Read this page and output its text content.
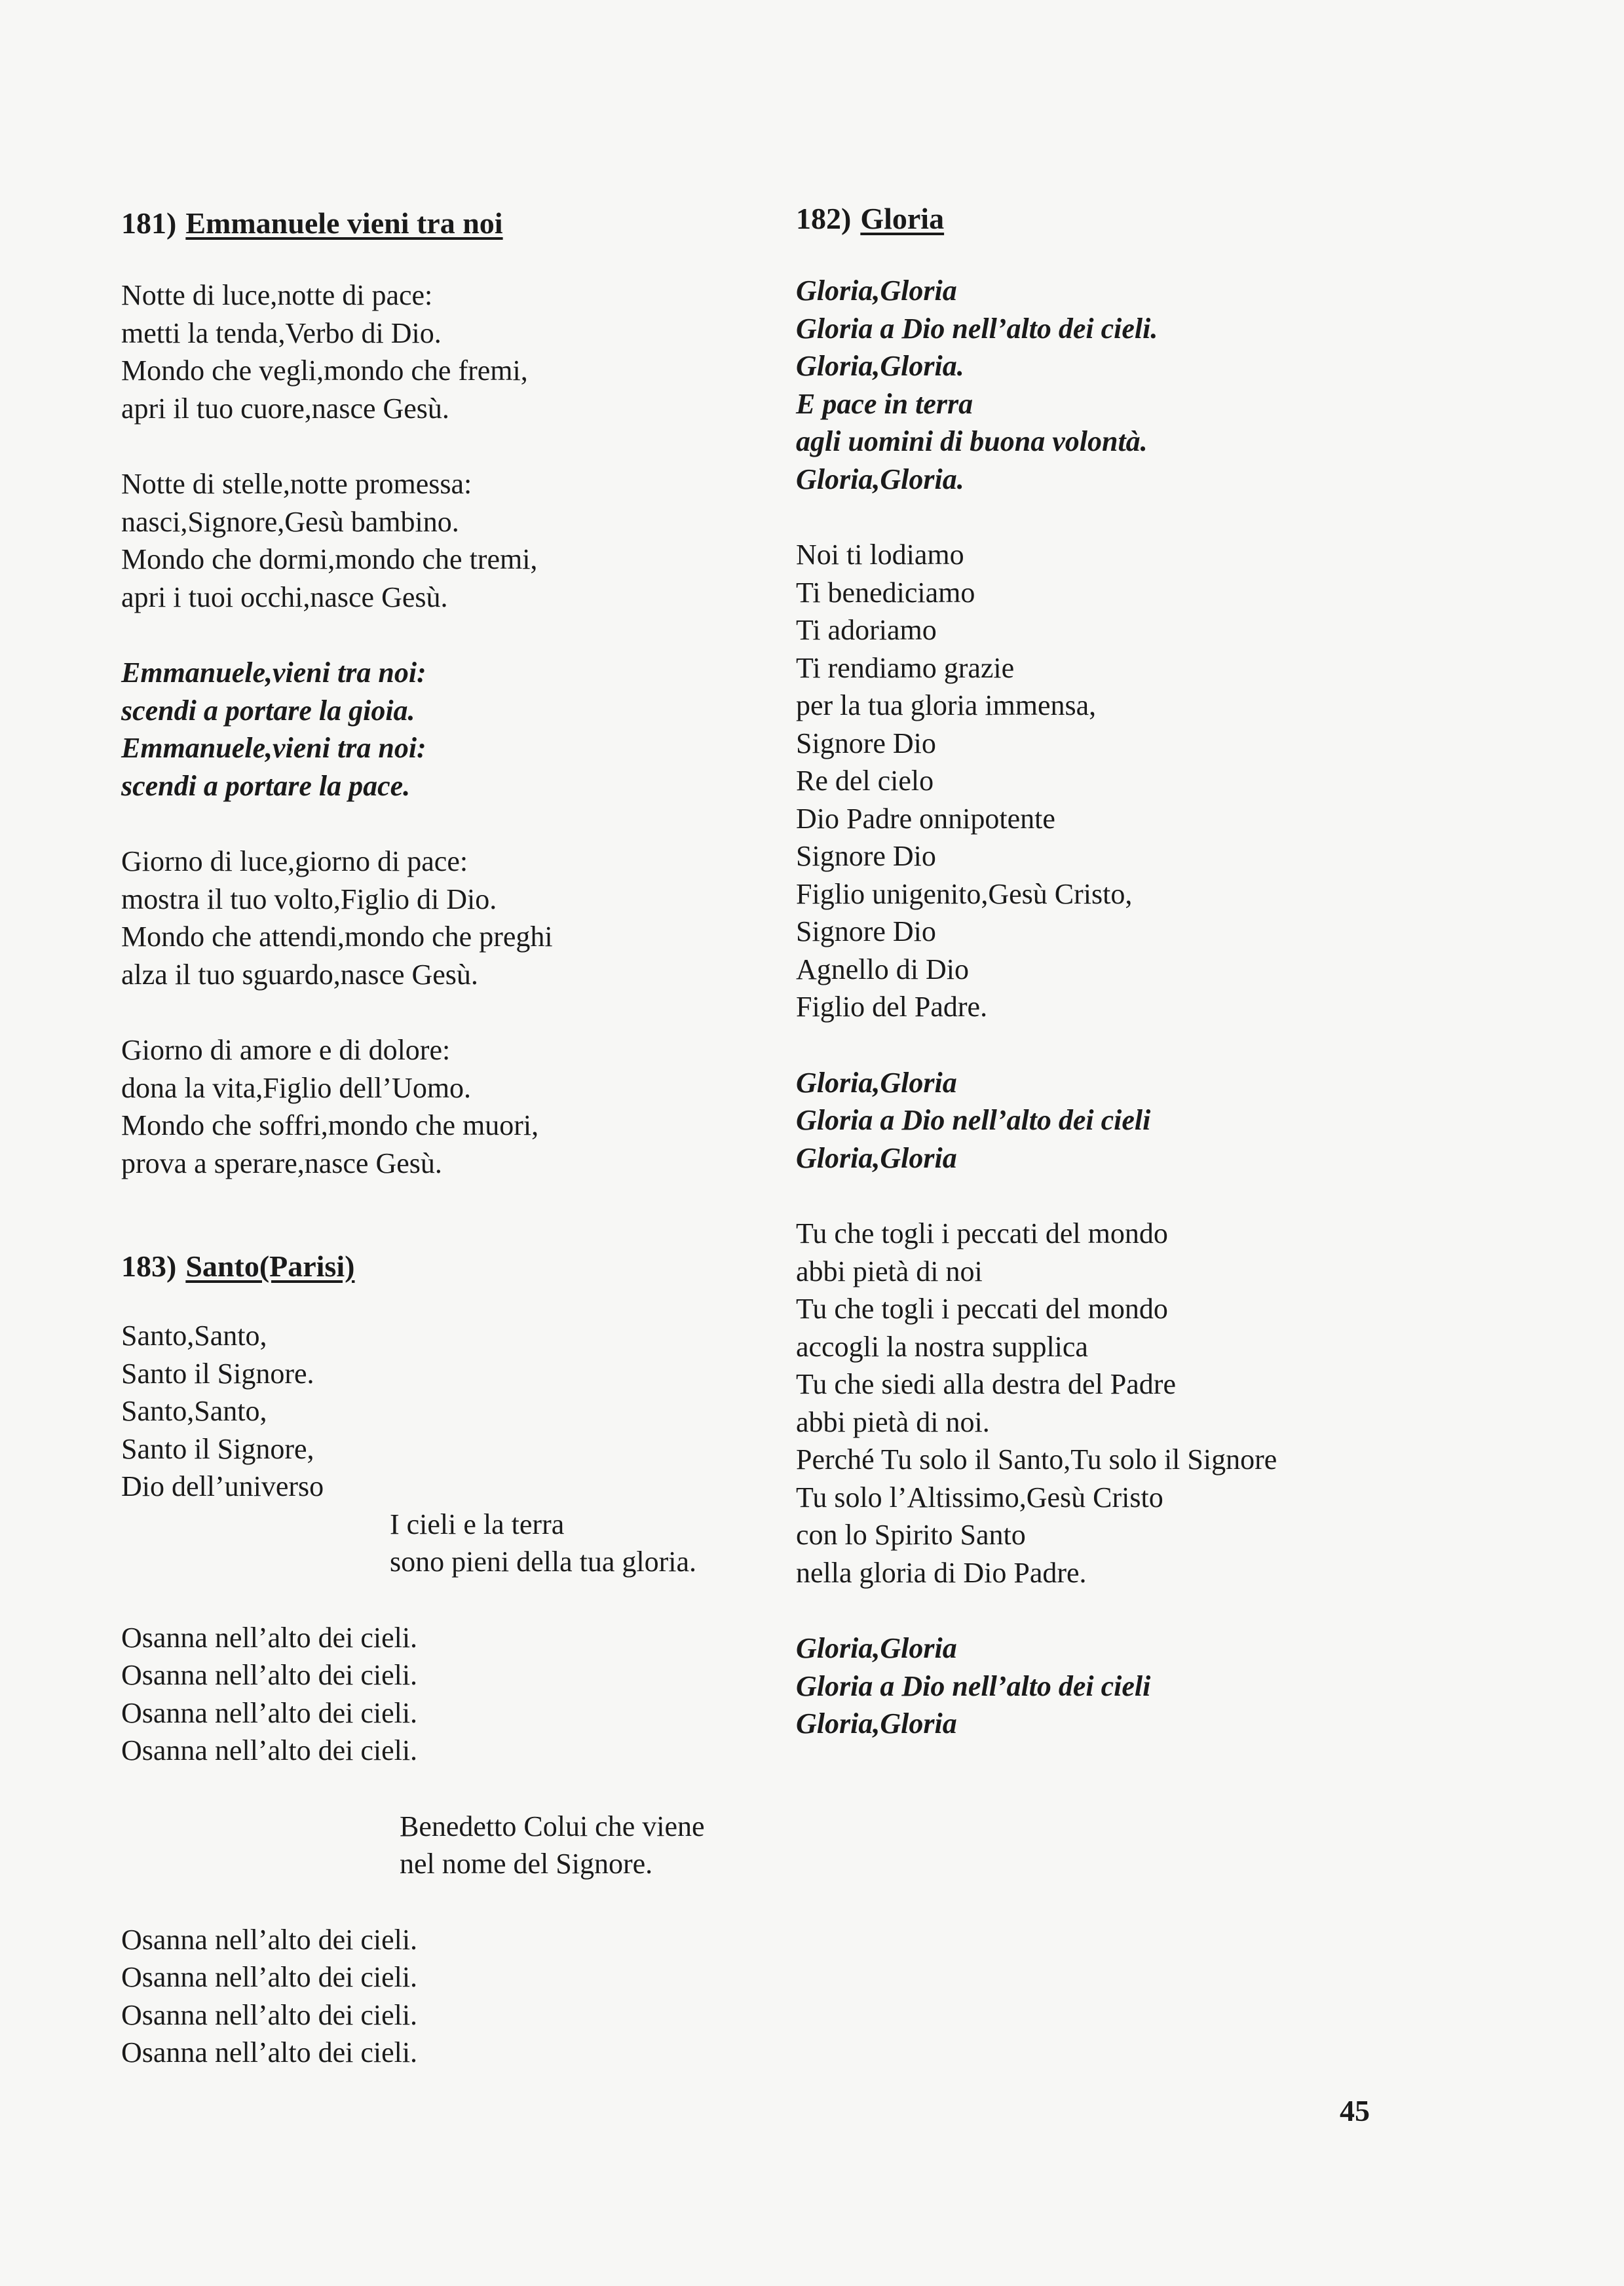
181) Emmanuele vieni tra noi
Notte di luce,notte di pace:
metti la tenda,Verbo di Dio.
Mondo che vegli,mondo che fremi,
apri il tuo cuore,nasce Gesù.
Notte di stelle,notte promessa:
nasci,Signore,Gesù bambino.
Mondo che dormi,mondo che tremi,
apri i tuoi occhi,nasce Gesù.
Emmanuele,vieni tra noi:
scendi a portare la gioia.
Emmanuele,vieni tra noi:
scendi a portare la pace.
Giorno di luce,giorno di pace:
mostra il tuo volto,Figlio di Dio.
Mondo che attendi,mondo che preghi
alza il tuo sguardo,nasce Gesù.
Giorno di amore e di dolore:
dona la vita,Figlio dell’Uomo.
Mondo che soffri,mondo che muori,
prova a sperare,nasce Gesù.
183) Santo(Parisi)
Santo,Santo,
Santo il Signore.
Santo,Santo,
Santo il Signore,
Dio dell’universo
I cieli e la terra
sono pieni della tua gloria.
Osanna nell’alto dei cieli.
Osanna nell’alto dei cieli.
Osanna nell’alto dei cieli.
Osanna nell’alto dei cieli.
Benedetto Colui che viene
nel nome del Signore.
Osanna nell’alto dei cieli.
Osanna nell’alto dei cieli.
Osanna nell’alto dei cieli.
Osanna nell’alto dei cieli.
182) Gloria
Gloria,Gloria
Gloria a Dio nell’alto dei cieli.
Gloria,Gloria.
E pace in terra
agli uomini di buona volontà.
Gloria,Gloria.
Noi ti lodiamo
Ti benediciamo
Ti adoriamo
Ti rendiamo grazie
per la tua gloria immensa,
Signore Dio
Re del cielo
Dio Padre onnipotente
Signore Dio
Figlio unigenito,Gesù Cristo,
Signore Dio
Agnello di Dio
Figlio del Padre.
Gloria,Gloria
Gloria a Dio nell’alto dei cieli
Gloria,Gloria
Tu che togli i peccati del mondo
abbi pietà di noi
Tu che togli i peccati del mondo
accogli la nostra supplica
Tu che siedi alla destra del Padre
abbi pietà di noi.
Perché Tu solo il Santo,Tu solo il Signore
Tu solo l’Altissimo,Gesù Cristo
con lo Spirito Santo
nella gloria di Dio Padre.
Gloria,Gloria
Gloria a Dio nell’alto dei cieli
Gloria,Gloria
45
